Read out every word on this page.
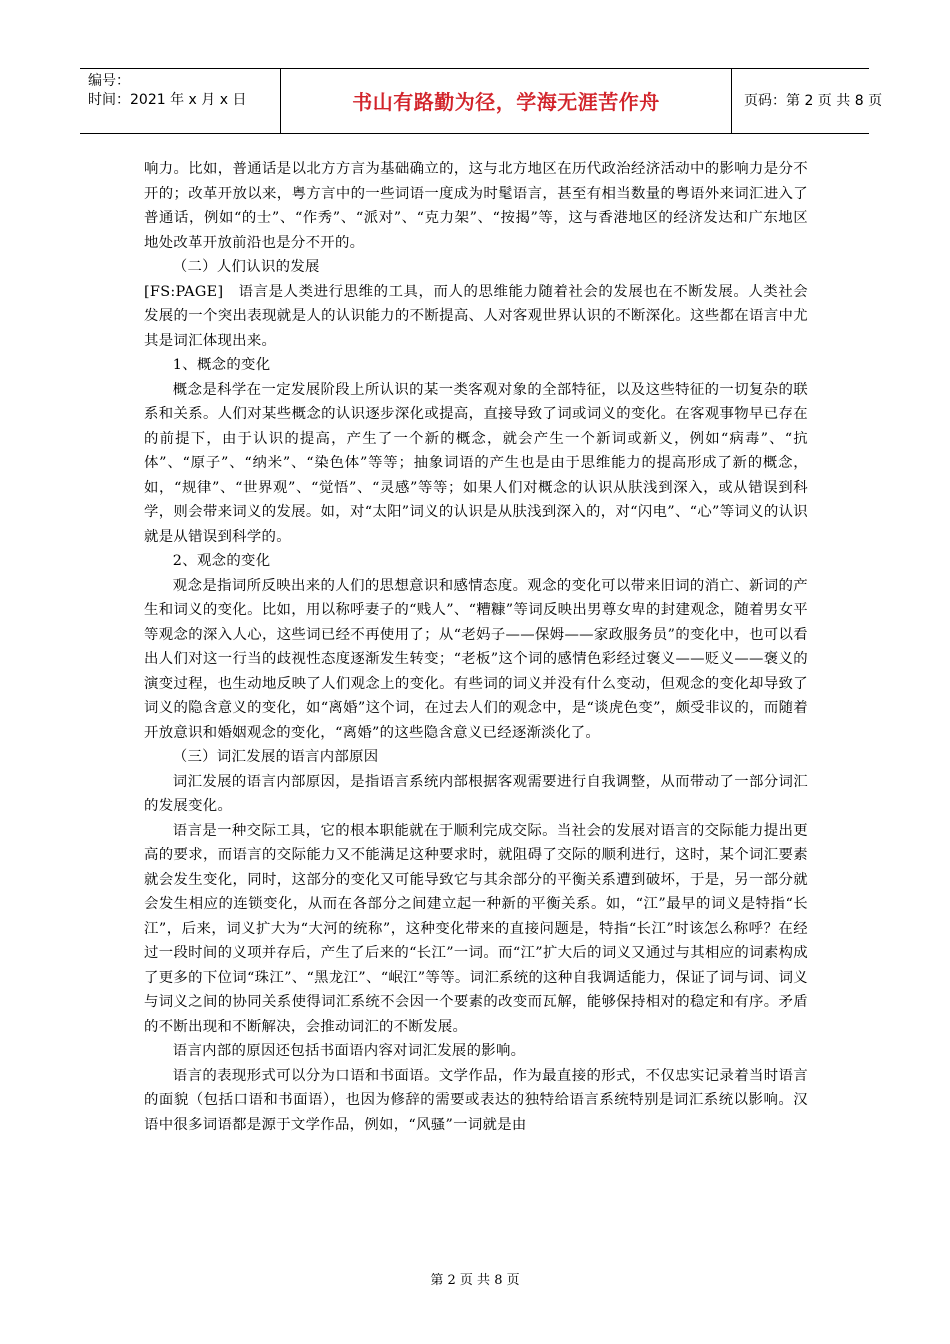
编号：
时间：2021 年 x 月 x 日	书山有路勤为径，学海无涯苦作舟	页码：第 2 页 共 8 页

响力。比如，普通话是以北方方言为基础确立的，这与北方地区在历代政治经济活动中的影响力是分不开的；改革开放以来，粤方言中的一些词语一度成为时髦语言，甚至有相当数量的粤语外来词汇进入了普通话，例如“的士”、“作秀”、“派对”、“克力架”、“按揭”等，这与香港地区的经济发达和广东地区地处改革开放前沿也是分不开的。

（二）人们认识的发展

[FS:PAGE]　语言是人类进行思维的工具，而人的思维能力随着社会的发展也在不断发展。人类社会发展的一个突出表现就是人的认识能力的不断提高、人对客观世界认识的不断深化。这些都在语言中尤其是词汇体现出来。

1、概念的变化

概念是科学在一定发展阶段上所认识的某一类客观对象的全部特征，以及这些特征的一切复杂的联系和关系。人们对某些概念的认识逐步深化或提高，直接导致了词或词义的变化。在客观事物早已存在的前提下，由于认识的提高，产生了一个新的概念，就会产生一个新词或新义，例如“病毒”、“抗体”、“原子”、“纳米”、“染色体”等等；抽象词语的产生也是由于思维能力的提高形成了新的概念，如，“规律”、“世界观”、“觉悟”、“灵感”等等；如果人们对概念的认识从肤浅到深入，或从错误到科学，则会带来词义的发展。如，对“太阳”词义的认识是从肤浅到深入的，对“闪电”、“心”等词义的认识就是从错误到科学的。

2、观念的变化

观念是指词所反映出来的人们的思想意识和感情态度。观念的变化可以带来旧词的消亡、新词的产生和词义的变化。比如，用以称呼妻子的“贱人”、“糟糠”等词反映出男尊女卑的封建观念，随着男女平等观念的深入人心，这些词已经不再使用了；从“老妈子——保姆——家政服务员”的变化中，也可以看出人们对这一行当的歧视性态度逐渐发生转变；“老板”这个词的感情色彩经过褒义——贬义——褒义的演变过程，也生动地反映了人们观念上的变化。有些词的词义并没有什么变动，但观念的变化却导致了词义的隐含意义的变化，如“离婚”这个词，在过去人们的观念中，是“谈虎色变”，颇受非议的，而随着开放意识和婚姻观念的变化，“离婚”的这些隐含意义已经逐渐淡化了。

（三）词汇发展的语言内部原因

词汇发展的语言内部原因，是指语言系统内部根据客观需要进行自我调整，从而带动了一部分词汇的发展变化。

语言是一种交际工具，它的根本职能就在于顺利完成交际。当社会的发展对语言的交际能力提出更高的要求，而语言的交际能力又不能满足这种要求时，就阻碍了交际的顺利进行，这时，某个词汇要素就会发生变化，同时，这部分的变化又可能导致它与其余部分的平衡关系遭到破坏，于是，另一部分就会发生相应的连锁变化，从而在各部分之间建立起一种新的平衡关系。如，“江”最早的词义是特指“长江”，后来，词义扩大为“大河的统称”，这种变化带来的直接问题是，特指“长江”时该怎么称呼？在经过一段时间的义项并存后，产生了后来的“长江”一词。而“江”扩大后的词义又通过与其相应的词素构成了更多的下位词“珠江”、“黑龙江”、“岷江”等等。词汇系统的这种自我调适能力，保证了词与词、词义与词义之间的协同关系使得词汇系统不会因一个要素的改变而瓦解，能够保持相对的稳定和有序。矛盾的不断出现和不断解决，会推动词汇的不断发展。

语言内部的原因还包括书面语内容对词汇发展的影响。

语言的表现形式可以分为口语和书面语。文学作品，作为最直接的形式，不仅忠实记录着当时语言的面貌（包括口语和书面语），也因为修辞的需要或表达的独特给语言系统特别是词汇系统以影响。汉语中很多词语都是源于文学作品，例如，“风骚”一词就是由

第 2 页 共 8 页
